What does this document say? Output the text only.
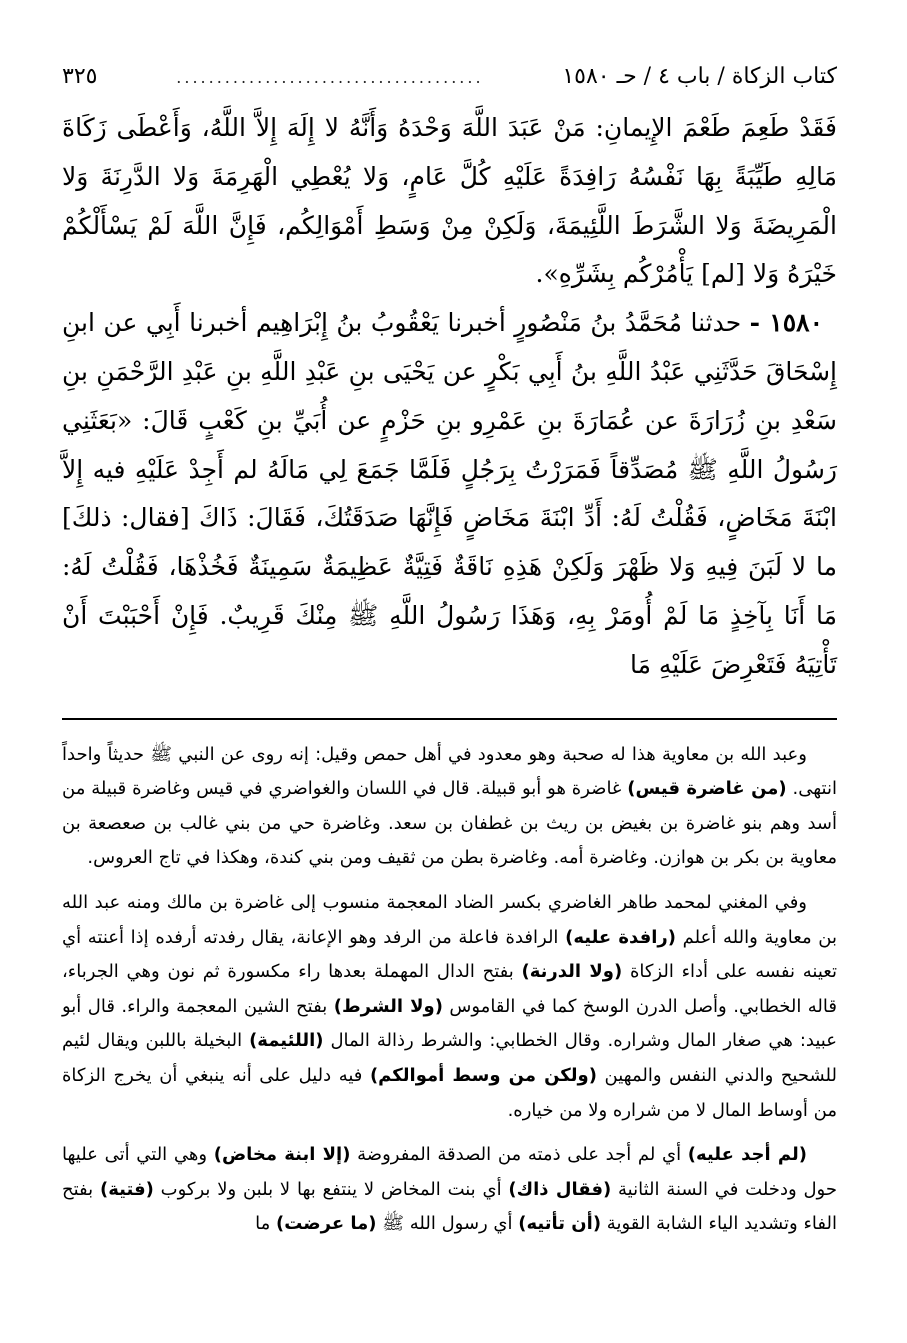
كتاب الزكاة / باب ٤ / حـ ١٥٨٠
......................................
٣٢٥

فَقَدْ طَعِمَ طَعْمَ الإِيمانِ: مَنْ عَبَدَ اللَّهَ وَحْدَهُ وَأَنَّهُ لا إِلَهَ إِلاَّ اللَّهُ، وَأَعْطَى زَكَاةَ مَالِهِ طَيِّبَةً بِهَا نَفْسُهُ رَافِدَةً عَلَيْهِ كُلَّ عَامٍ، وَلا يُعْطِي الْهَرِمَةَ وَلا الدَّرِنَةَ وَلا الْمَرِيضَةَ وَلا الشَّرَطَ اللَّئِيمَةَ، وَلَكِنْ مِنْ وَسَطِ أَمْوَالِكُم، فَإِنَّ اللَّهَ لَمْ يَسْأَلْكُمْ خَيْرَهُ وَلا [لم] يَأْمُرْكُم بِشَرِّهِ».

١٥٨٠ - حدثنا مُحَمَّدُ بنُ مَنْصُورٍ أخبرنا يَعْقُوبُ بنُ إِبْرَاهِيم أخبرنا أَبِي عن ابنِ إِسْحَاقَ حَدَّثَنِي عَبْدُ اللَّهِ بنُ أَبِي بَكْرٍ عن يَحْيَى بنِ عَبْدِ اللَّهِ بنِ عَبْدِ الرَّحْمَنِ بنِ سَعْدِ بنِ زُرَارَةَ عن عُمَارَةَ بنِ عَمْرِو بنِ حَزْمٍ عن أُبَيِّ بنِ كَعْبٍ قَالَ: «بَعَثَنِي رَسُولُ اللَّهِ ﷺ مُصَدِّقاً فَمَرَرْتُ بِرَجُلٍ فَلَمَّا جَمَعَ لِي مَالَهُ لم أَجِدْ عَلَيْهِ فيه إِلاَّ ابْنَةَ مَخَاضٍ، فَقُلْتُ لَهُ: أَدِّ ابْنَةَ مَخَاضٍ فَإِنَّهَا صَدَقَتُكَ، فَقَالَ: ذَاكَ [فقال: ذلكَ] ما لا لَبَنَ فِيهِ وَلا ظَهْرَ وَلَكِنْ هَذِهِ نَاقَةٌ فَتِيَّةٌ عَظِيمَةٌ سَمِينَةٌ فَخُذْهَا، فَقُلْتُ لَهُ: مَا أَنَا بِآخِذٍ مَا لَمْ أُومَرْ بِهِ، وَهَذَا رَسُولُ اللَّهِ ﷺ مِنْكَ قَرِيبٌ. فَإِنْ أَحْبَبْتَ أَنْ تَأْتِيَهُ فَتَعْرِضَ عَلَيْهِ مَا

وعبد الله بن معاوية هذا له صحبة وهو معدود في أهل حمص وقيل: إنه روى عن النبي ﷺ حديثاً واحداً انتهى. (من غاضرة قيس) غاضرة هو أبو قبيلة. قال في اللسان والغواضري في قيس وغاضرة قبيلة من أسد وهم بنو غاضرة بن بغيض بن ريث بن غطفان بن سعد. وغاضرة حي من بني غالب بن صعصعة بن معاوية بن بكر بن هوازن. وغاضرة أمه. وغاضرة بطن من ثقيف ومن بني كندة، وهكذا في تاج العروس.

وفي المغني لمحمد طاهر الغاضري بكسر الضاد المعجمة منسوب إلى غاضرة بن مالك ومنه عبد الله بن معاوية والله أعلم (رافدة عليه) الرافدة فاعلة من الرفد وهو الإعانة، يقال رفدته أرفده إذا أعنته أي تعينه نفسه على أداء الزكاة (ولا الدرنة) بفتح الدال المهملة بعدها راء مكسورة ثم نون وهي الجرباء، قاله الخطابي. وأصل الدرن الوسخ كما في القاموس (ولا الشرط) بفتح الشين المعجمة والراء. قال أبو عبيد: هي صغار المال وشراره. وقال الخطابي: والشرط رذالة المال (اللئيمة) البخيلة باللبن ويقال لئيم للشحيح والدني النفس والمهين (ولكن من وسط أموالكم) فيه دليل على أنه ينبغي أن يخرج الزكاة من أوساط المال لا من شراره ولا من خياره.

(لم أجد عليه) أي لم أجد على ذمته من الصدقة المفروضة (إلا ابنة مخاض) وهي التي أتى عليها حول ودخلت في السنة الثانية (فقال ذاك) أي بنت المخاض لا ينتفع بها لا بلبن ولا بركوب (فتية) بفتح الفاء وتشديد الياء الشابة القوية (أن تأتيه) أي رسول الله ﷺ (ما عرضت) ما
